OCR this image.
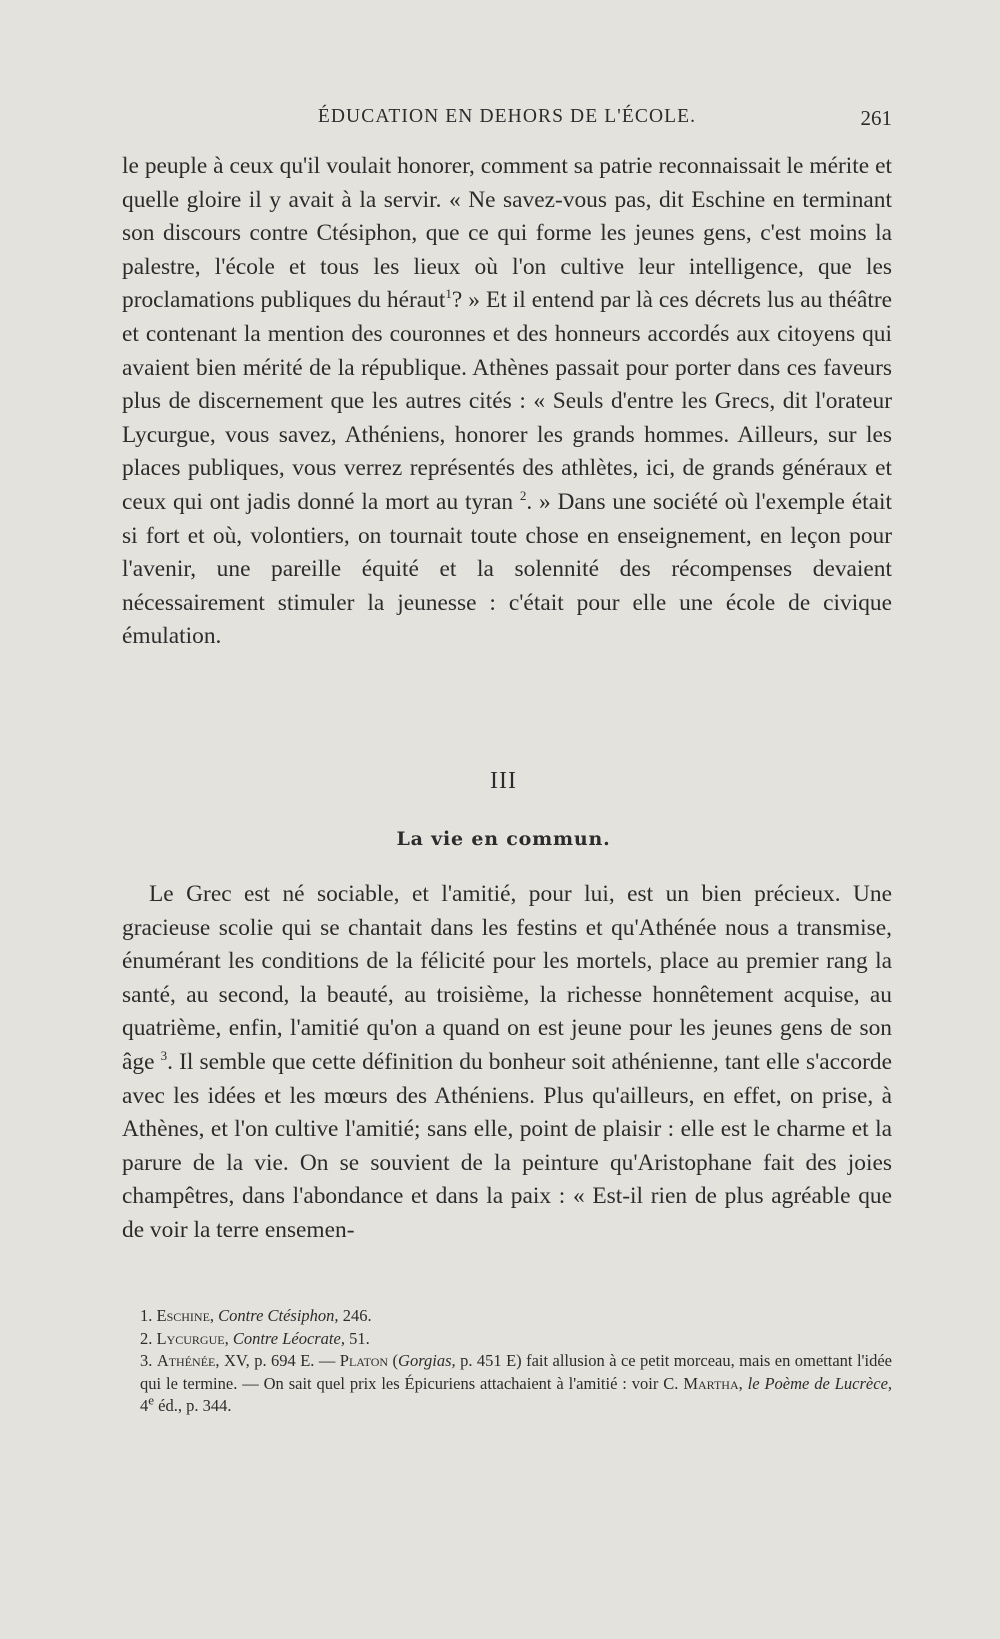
ÉDUCATION EN DEHORS DE L'ÉCOLE.	261

le peuple à ceux qu'il voulait honorer, comment sa patrie reconnaissait le mérite et quelle gloire il y avait à la servir. « Ne savez-vous pas, dit Eschine en terminant son discours contre Ctésiphon, que ce qui forme les jeunes gens, c'est moins la palestre, l'école et tous les lieux où l'on cultive leur intelligence, que les proclamations publiques du héraut$^1$? » Et il entend par là ces décrets lus au théâtre et contenant la mention des couronnes et des honneurs accordés aux citoyens qui avaient bien mérité de la république. Athènes passait pour porter dans ces faveurs plus de discernement que les autres cités : « Seuls d'entre les Grecs, dit l'orateur Lycurgue, vous savez, Athéniens, honorer les grands hommes. Ailleurs, sur les places publiques, vous verrez représentés des athlètes, ici, de grands généraux et ceux qui ont jadis donné la mort au tyran $^2$. » Dans une société où l'exemple était si fort et où, volontiers, on tournait toute chose en enseignement, en leçon pour l'avenir, une pareille équité et la solennité des récompenses devaient nécessairement stimuler la jeunesse : c'était pour elle une école de civique émulation.

III
La vie en commun.

Le Grec est né sociable, et l'amitié, pour lui, est un bien précieux. Une gracieuse scolie qui se chantait dans les festins et qu'Athénée nous a transmise, énumérant les conditions de la félicité pour les mortels, place au premier rang la santé, au second, la beauté, au troisième, la richesse honnêtement acquise, au quatrième, enfin, l'amitié qu'on a quand on est jeune pour les jeunes gens de son âge $^3$. Il semble que cette définition du bonheur soit athénienne, tant elle s'accorde avec les idées et les mœurs des Athéniens. Plus qu'ailleurs, en effet, on prise, à Athènes, et l'on cultive l'amitié; sans elle, point de plaisir : elle est le charme et la parure de la vie. On se souvient de la peinture qu'Aristophane fait des joies champêtres, dans l'abondance et dans la paix : « Est-il rien de plus agréable que de voir la terre ensemen-

1. Eschine, Contre Ctésiphon, 246.

2. Lycurgue, Contre Léocrate, 51.

3. Athénée, XV, p. 694 E. — Platon (Gorgias, p. 451 E) fait allusion à ce petit morceau, mais en omettant l'idée qui le termine. — On sait quel prix les Épicuriens attachaient à l'amitié : voir C. Martha, le Poème de Lucrèce, 4e éd., p. 344.
